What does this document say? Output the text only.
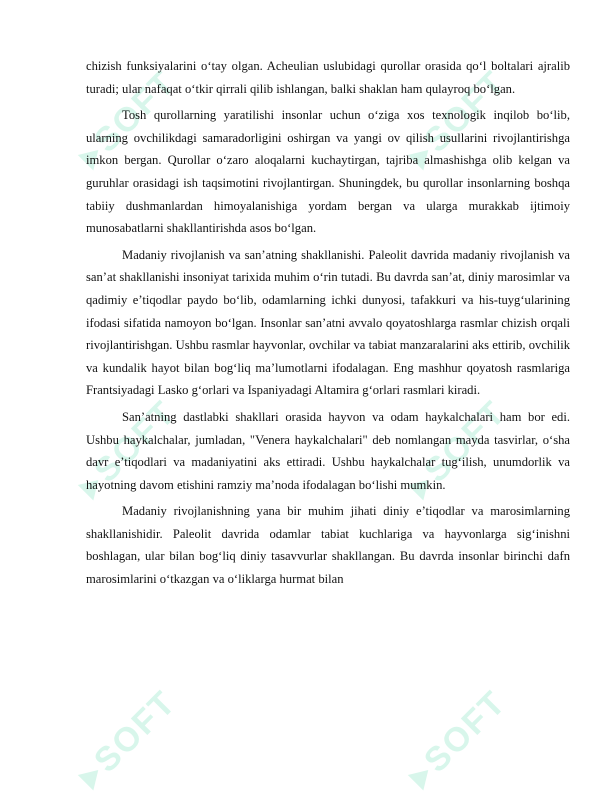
SOFT	SOFT
SOFT	SOFT
SOFT	SOFT

chizish funksiyalarini o‘tay olgan. Acheulian uslubidagi qurollar orasida qo‘l boltalari ajralib turadi; ular nafaqat o‘tkir qirrali qilib ishlangan, balki shaklan ham qulayroq bo‘lgan.

Tosh qurollarning yaratilishi insonlar uchun o‘ziga xos texnologik inqilob bo‘lib, ularning ovchilikdagi samaradorligini oshirgan va yangi ov qilish usullarini rivojlantirishga imkon bergan. Qurollar o‘zaro aloqalarni kuchaytirgan, tajriba almashishga olib kelgan va guruhlar orasidagi ish taqsimotini rivojlantirgan. Shuningdek, bu qurollar insonlarning boshqa tabiiy dushmanlardan himoyalanishiga yordam bergan va ularga murakkab ijtimoiy munosabatlarni shakllantirishda asos bo‘lgan.

Madaniy rivojlanish va san’atning shakllanishi. Paleolit davrida madaniy rivojlanish va san’at shakllanishi insoniyat tarixida muhim o‘rin tutadi. Bu davrda san’at, diniy marosimlar va qadimiy e’tiqodlar paydo bo‘lib, odamlarning ichki dunyosi, tafakkuri va his-tuyg‘ularining ifodasi sifatida namoyon bo‘lgan. Insonlar san’atni avvalo qoyatoshlarga rasmlar chizish orqali rivojlantirishgan. Ushbu rasmlar hayvonlar, ovchilar va tabiat manzaralarini aks ettirib, ovchilik va kundalik hayot bilan bog‘liq ma’lumotlarni ifodalagan. Eng mashhur qoyatosh rasmlariga Frantsiyadagi Lasko g‘orlari va Ispaniyadagi Altamira g‘orlari rasmlari kiradi.

San’atning dastlabki shakllari orasida hayvon va odam haykalchalari ham bor edi. Ushbu haykalchalar, jumladan, "Venera haykalchalari" deb nomlangan mayda tasvirlar, o‘sha davr e’tiqodlari va madaniyatini aks ettiradi. Ushbu haykalchalar tug‘ilish, unumdorlik va hayotning davom etishini ramziy ma’noda ifodalagan bo‘lishi mumkin.

Madaniy rivojlanishning yana bir muhim jihati diniy e’tiqodlar va marosimlarning shakllanishidir. Paleolit davrida odamlar tabiat kuchlariga va hayvonlarga sig‘inishni boshlagan, ular bilan bog‘liq diniy tasavvurlar shakllangan. Bu davrda insonlar birinchi dafn marosimlarini o‘tkazgan va o‘liklarga hurmat bilan
